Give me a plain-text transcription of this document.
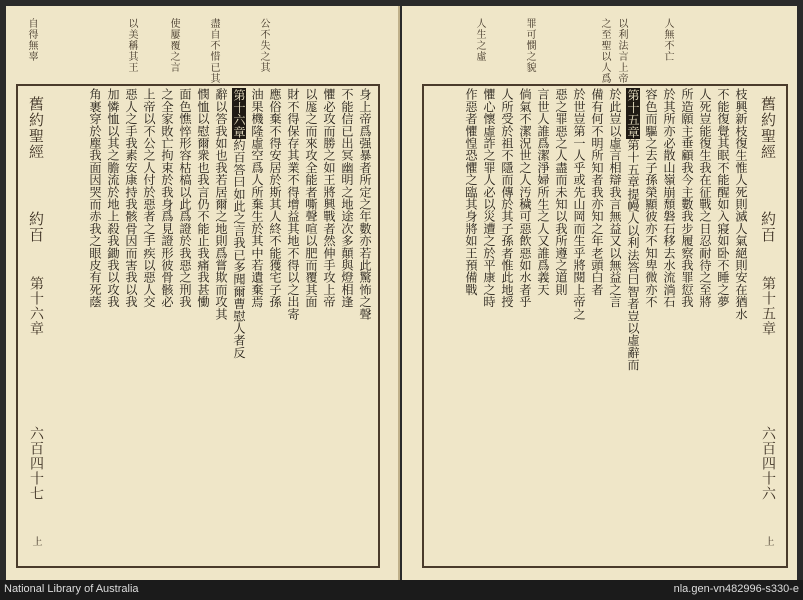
自得無辜	以美稱其王	使屢覆之言	盡自不惜已其	公不失之其
舊約聖經
約百
第十六章
六百四十七
上
身上帝爲强暴者所定之年數亦若此驚怖之聲
不能信已出冥幽明之地途次多顛與燈相逢
懼必攻而勝之如王將興戰者然伸手攻上帝
以厖之而來攻全能者嘶聲喧以肥而覆其面
財不得保存其業不得增益其地不得以之出寄
應俗棄不得安居於斯其人終不能獲宅子孫
油果機隆虛空爲人所棄生於其中若遺棄焉
第十六章約百答曰如此之言我已多聞爾曹慰人者反
辭以答我如也我若居爾之地則爲嘗欺而攻其
憫恤以慰爾衆也我言仍不能止我痛我甚慟
面色憔悴形容枯槁以此爲證於我惡之刑我
之全家敗亡拘束於我身爲見證形彼骨骸必
上帝以不公之人付於惡者之手疾以惡人交
惡人之手我素安康持我骸骨因而害我以我
加憐恤以其之膽流於地上殺我鋤我以攻我
角裹穿於塵我面因哭而赤我之眼皮有死蔭
人無不亡
以利法言上帝
之至聖以人爲
罪可憫之貌
人生之虛
舊約聖經
約百
第十五章
六百四十六
上
枝興新枝復生惟人死則滅人氣絕則安在猶水
不能復覺其眠不能醒如入寢如卧不睡之夢
人死豈能復生我在征戰之日忍耐待之至將
所造願主垂顧我今主數我步履察我罪愆我
於其所亦必散山嶺崩頹磐石移去水流淌石
容色而驅之去子孫榮顯彼亦不知卑微亦不
第十五章第十五章提幔人以利法答曰智者豈以虛辭而
於此豈以虛言相辯我言無益又以無益之言
備有何不明所知者我亦知之年老頭白者
於世豈第一人乎或先山岡而生乎將閱上帝之
惡之罪惡之人盡而未知以我所遵之道則
言世人誰爲潔淨婦所生之人又誰爲義天
倘氣不潔況世之人汚穢可惡飲惡如水者乎
人所受於祖不隱而傳於其子孫者惟此地授
懼心懷虛詐之罪人必以災遭之於平康之時
作惡者懼惶恐懼之臨其身將如王預備戰
National Library of Australia	nla.gen-vn482996-s330-e
